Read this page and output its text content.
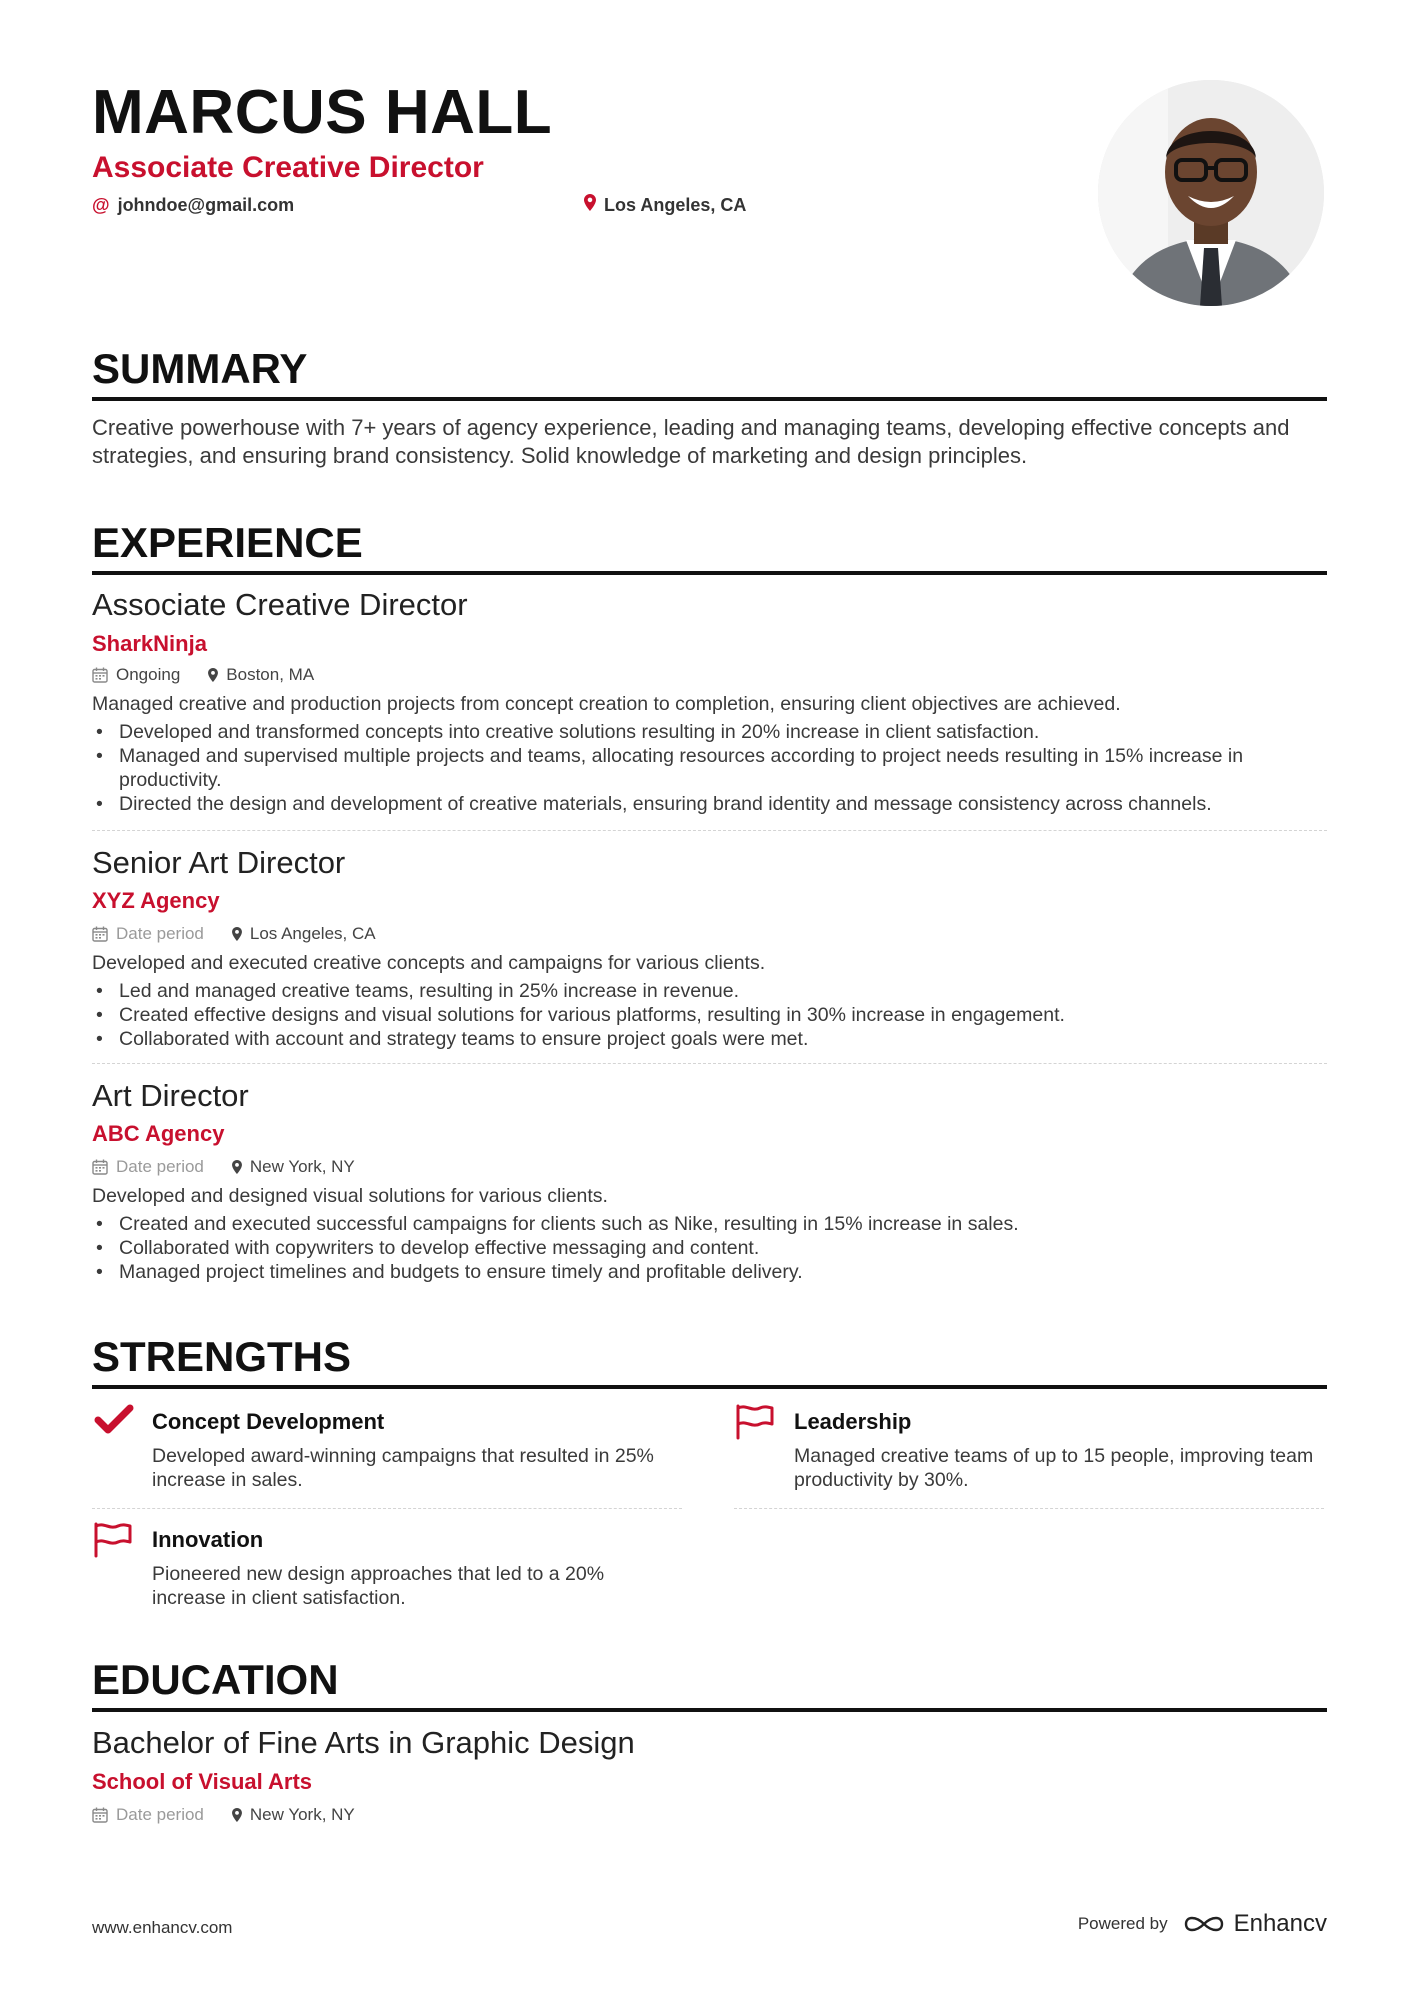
MARCUS HALL
Associate Creative Director
@ johndoe@gmail.com	Los Angeles, CA
SUMMARY
Creative powerhouse with 7+ years of agency experience, leading and managing teams, developing effective concepts and strategies, and ensuring brand consistency. Solid knowledge of marketing and design principles.
EXPERIENCE
Associate Creative Director
SharkNinja
Ongoing	Boston, MA
Managed creative and production projects from concept creation to completion, ensuring client objectives are achieved.
• Developed and transformed concepts into creative solutions resulting in 20% increase in client satisfaction.
• Managed and supervised multiple projects and teams, allocating resources according to project needs resulting in 15% increase in productivity.
• Directed the design and development of creative materials, ensuring brand identity and message consistency across channels.
Senior Art Director
XYZ Agency
Date period	Los Angeles, CA
Developed and executed creative concepts and campaigns for various clients.
• Led and managed creative teams, resulting in 25% increase in revenue.
• Created effective designs and visual solutions for various platforms, resulting in 30% increase in engagement.
• Collaborated with account and strategy teams to ensure project goals were met.
Art Director
ABC Agency
Date period	New York, NY
Developed and designed visual solutions for various clients.
• Created and executed successful campaigns for clients such as Nike, resulting in 15% increase in sales.
• Collaborated with copywriters to develop effective messaging and content.
• Managed project timelines and budgets to ensure timely and profitable delivery.
STRENGTHS
Concept Development
Developed award-winning campaigns that resulted in 25% increase in sales.
Leadership
Managed creative teams of up to 15 people, improving team productivity by 30%.
Innovation
Pioneered new design approaches that led to a 20% increase in client satisfaction.
EDUCATION
Bachelor of Fine Arts in Graphic Design
School of Visual Arts
Date period	New York, NY
www.enhancv.com	Powered by	Enhancv
